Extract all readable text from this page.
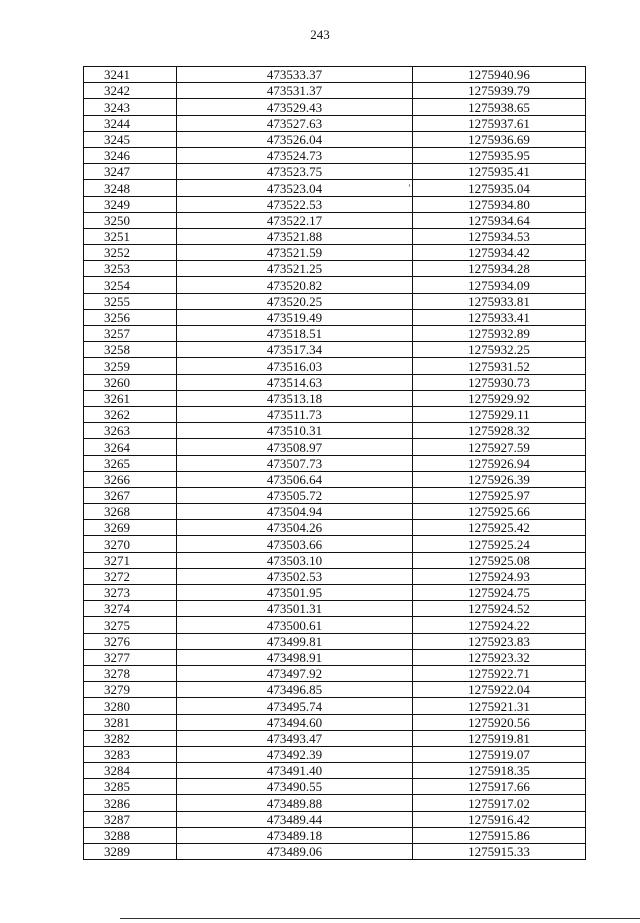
243
3241	473533.37	1275940.96
3242	473531.37	1275939.79
3243	473529.43	1275938.65
3244	473527.63	1275937.61
3245	473526.04	1275936.69
3246	473524.73	1275935.95
3247	473523.75	1275935.41
3248	473523.04	1275935.04
3249	473522.53	1275934.80
3250	473522.17	1275934.64
3251	473521.88	1275934.53
3252	473521.59	1275934.42
3253	473521.25	1275934.28
3254	473520.82	1275934.09
3255	473520.25	1275933.81
3256	473519.49	1275933.41
3257	473518.51	1275932.89
3258	473517.34	1275932.25
3259	473516.03	1275931.52
3260	473514.63	1275930.73
3261	473513.18	1275929.92
3262	473511.73	1275929.11
3263	473510.31	1275928.32
3264	473508.97	1275927.59
3265	473507.73	1275926.94
3266	473506.64	1275926.39
3267	473505.72	1275925.97
3268	473504.94	1275925.66
3269	473504.26	1275925.42
3270	473503.66	1275925.24
3271	473503.10	1275925.08
3272	473502.53	1275924.93
3273	473501.95	1275924.75
3274	473501.31	1275924.52
3275	473500.61	1275924.22
3276	473499.81	1275923.83
3277	473498.91	1275923.32
3278	473497.92	1275922.71
3279	473496.85	1275922.04
3280	473495.74	1275921.31
3281	473494.60	1275920.56
3282	473493.47	1275919.81
3283	473492.39	1275919.07
3284	473491.40	1275918.35
3285	473490.55	1275917.66
3286	473489.88	1275917.02
3287	473489.44	1275916.42
3288	473489.18	1275915.86
3289	473489.06	1275915.33
'
